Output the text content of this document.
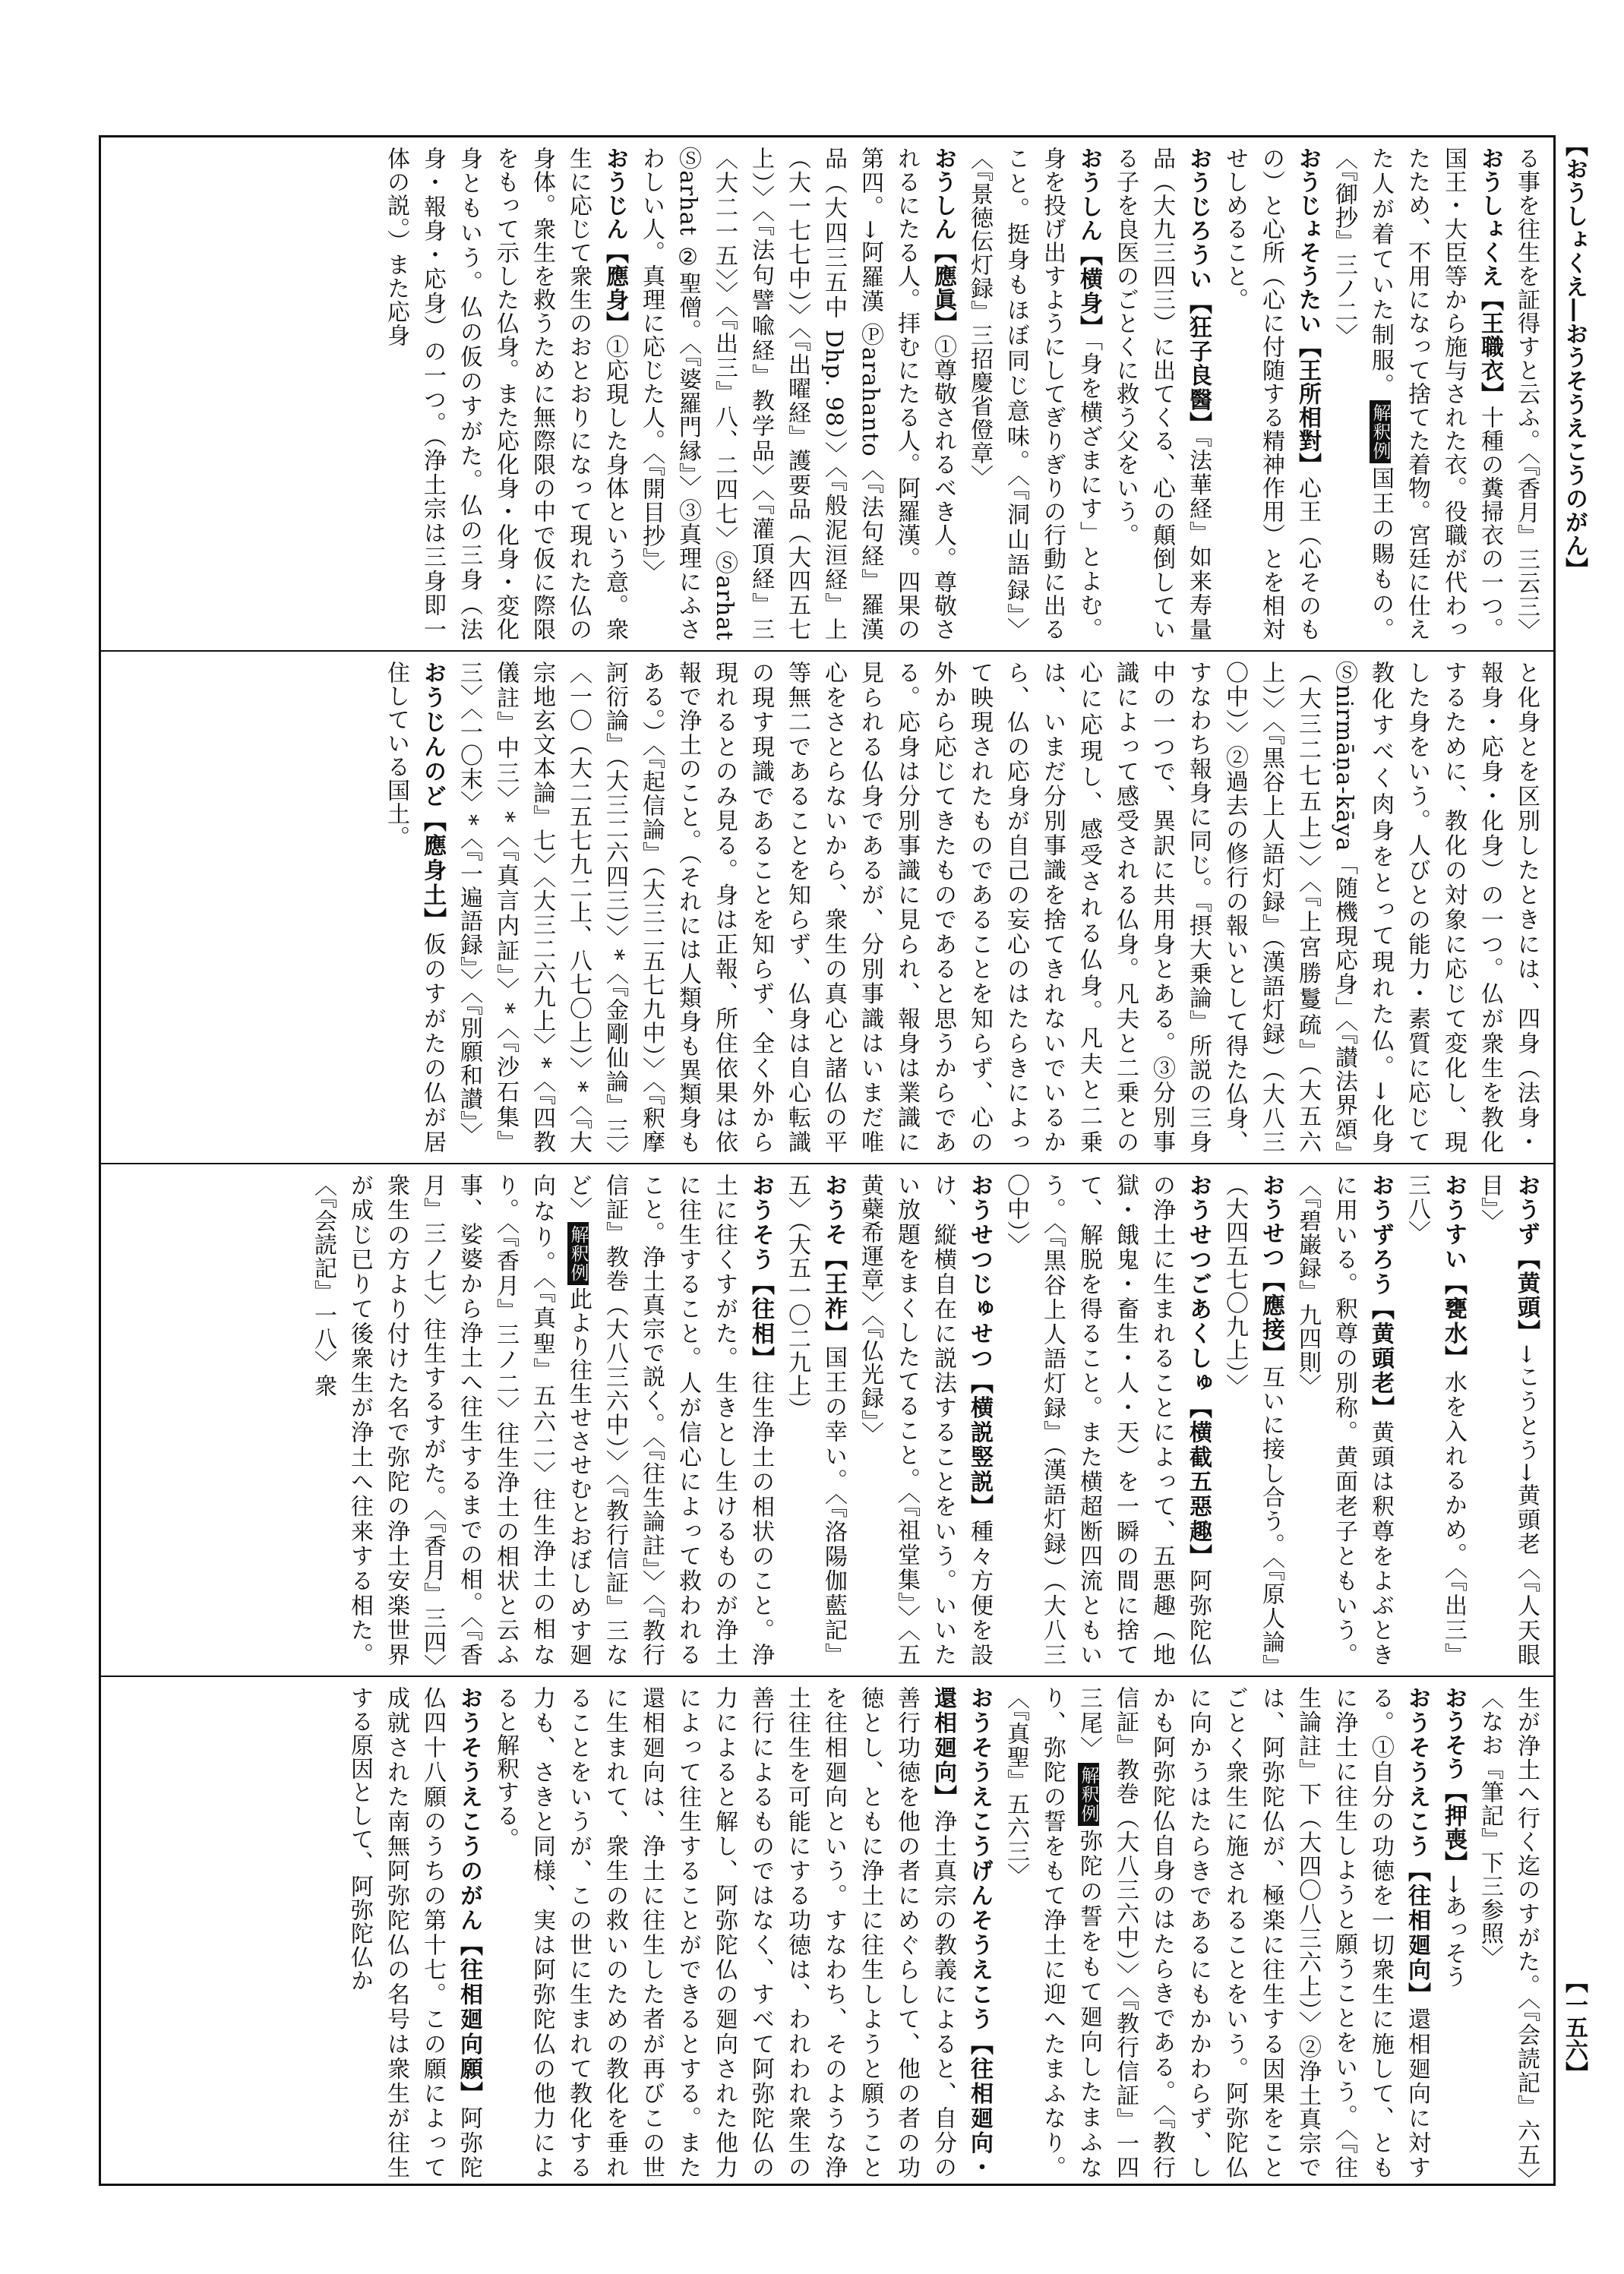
【おうしょくえ―おうそうえこうのがん】
【一五六】
る事を往生を証得すと云ふ。〈『香月』三云三〉
おうしょくえ【王職衣】十種の糞掃衣の一つ。国王・大臣等から施与された衣。役職が代わったため、不用になって捨てた着物。宮廷に仕えた人が着ていた制服。解釈例国王の賜もの。〈『御抄』三ノ二〉
おうじょそうたい【王所相對】心王（心そのもの）と心所（心に付随する精神作用）とを相対せしめること。
おうじろうい【狂子良醫】『法華経』如来寿量品（大九三四三）に出てくる、心の顛倒している子を良医のごとくに救う父をいう。
おうしん【横身】「身を横ざまにす」とよむ。身を投げ出すようにしてぎりぎりの行動に出ること。挺身もほぼ同じ意味。〈『洞山語録』〉〈『景徳伝灯録』三招慶省僜章〉
おうしん【應眞】①尊敬されるべき人。尊敬されるにたる人。拝むにたる人。阿羅漢。四果の第四。→阿羅漢 Ⓟarahanto〈『法句経』羅漢品（大四三五中 Dhp. 98）〉〈『般泥洹経』上（大一七七中）〉〈『出曜経』護要品（大四五七上）〉〈『法句譬喩経』教学品〉〈『灌頂経』三〈大二一五〉〉〈『出三』八、二四七〉Ⓢarhat Ⓢarhat ②聖僧。〈『婆羅門縁』〉③真理にふさわしい人。真理に応じた人。〈『開目抄』〉
おうじん【應身】①応現した身体という意。衆生に応じて衆生のおとおりになって現れた仏の身体。衆生を救うために無際限の中で仮に際限をもって示した仏身。また応化身・化身・変化身ともいう。仏の仮のすがた。仏の三身（法身・報身・応身）の一つ。（浄土宗は三身即一体の説。）また応身
と化身とを区別したときには、四身（法身・報身・応身・化身）の一つ。仏が衆生を教化するために、教化の対象に応じて変化し、現した身をいう。人びとの能力・素質に応じて教化すべく肉身をとって現れた仏。→化身Ⓢnirmāṇa-kāya「随機現応身」〈『讃法界頌』（大三二七五上）〉〈『上宮勝鬘疏』（大五六上）〉〈『黒谷上人語灯録』（漢語灯録）（大八三〇中）〉②過去の修行の報いとして得た仏身、すなわち報身に同じ。『摂大乗論』所説の三身中の一つで、異訳に共用身とある。③分別事識によって感受される仏身。凡夫と二乗との心に応現し、感受される仏身。凡夫と二乗は、いまだ分別事識を捨てきれないでいるから、仏の応身が自己の妄心のはたらきによって映現されたものであることを知らず、心の外から応じてきたものであると思うからである。応身は分別事識に見られ、報身は業識に見られる仏身であるが、分別事識はいまだ唯心をさとらないから、衆生の真心と諸仏の平等無二であることを知らず、仏身は自心転識の現す現識であることを知らず、全く外から現れるとのみ見る。身は正報、所住依果は依報で浄土のこと。（それには人類身も異類身もある。）〈『起信論』（大三二五七九中）〉〈『釈摩訶衍論』（大三二六四三）〉*〈『金剛仙論』三〉〈一〇（大二五七九二上、八七〇上）〉*〈『大宗地玄文本論』七〉〈大三二六九上〉*〈『四教儀註』中三〉*〈『真言内証』〉*〈『沙石集』三〉〈一〇末〉*〈『一遍語録』〉〈『別願和讃』〉
おうじんのど【應身土】仮のすがたの仏が居住している国土。
おうず【黄頭】→こうとう→黄頭老〈『人天眼目』〉
おうすい【甕水】水を入れるかめ。〈『出三』三八〉
おうずろう【黄頭老】黄頭は釈尊をよぶときに用いる。釈尊の別称。黄面老子ともいう。〈『碧巌録』九四則〉
おうせつ【應接】互いに接し合う。〈『原人論』（大四五七〇九上）〉
おうせつごあくしゅ【横截五惡趣】阿弥陀仏の浄土に生まれることによって、五悪趣（地獄・餓鬼・畜生・人・天）を一瞬の間に捨てて、解脱を得ること。また横超断四流ともいう。〈『黒谷上人語灯録』（漢語灯録）（大八三〇中）〉
おうせつじゅせつ【横説竪説】種々方便を設け、縦横自在に説法することをいう。いいたい放題をまくしたてること。〈『祖堂集』〉〈五黄蘗希運章〉〈『仏光録』〉
おうそ【王祚】国王の幸い。〈『洛陽伽藍記』五〉（大五一〇二九上）
おうそう【往相】往生浄土の相状のこと。浄土に往くすがた。生きとし生けるものが浄土に往生すること。人が信心によって救われること。浄土真宗で説く。〈『往生論註』〉〈『教行信証』教巻（大八三六中）〉〈『教行信証』三など〉解釈例此より往生せさせむとおぼしめす廻向なり。〈『真聖』五六二〉往生浄土の相なり。〈『香月』三ノ二〉往生浄土の相状と云ふ事、娑婆から浄土へ往生するまでの相。〈『香月』三ノ七〉往生するすがた。〈『香月』三四〉衆生の方より付けた名で弥陀の浄土安楽世界が成じ已りて後衆生が浄土へ往来する相た。〈『会読記』一八〉衆
生が浄土へ行く迄のすがた。〈『会読記』六五〉〈なお『筆記』下三参照〉
おうそう【押喪】→あっそう
おうそうえこう【往相廻向】還相廻向に対する。①自分の功徳を一切衆生に施して、ともに浄土に往生しようと願うことをいう。〈『往生論註』下（大四〇八三六上）〉②浄土真宗では、阿弥陀仏が、極楽に往生する因果をことごとく衆生に施されることをいう。阿弥陀仏に向かうはたらきであるにもかかわらず、しかも阿弥陀仏自身のはたらきである。〈『教行信証』教巻（大八三六中）〉〈『教行信証』一四三尾〉解釈例弥陀の誓をもて廻向したまふなり、弥陀の誓をもて浄土に迎へたまふなり。〈『真聖』五六三〉
おうそうえこうげんそうえこう【往相廻向・還相廻向】浄土真宗の教義によると、自分の善行功徳を他の者にめぐらして、他の者の功徳とし、ともに浄土に往生しようと願うことを往相廻向という。すなわち、そのような浄土往生を可能にする功徳は、われわれ衆生の善行によるものではなく、すべて阿弥陀仏の力によると解し、阿弥陀仏の廻向された他力によって往生することができるとする。また還相廻向は、浄土に往生した者が再びこの世に生まれて、衆生の救いのための教化を垂れることをいうが、この世に生まれて教化する力も、さきと同様、実は阿弥陀仏の他力によると解釈する。
おうそうえこうのがん【往相廻向願】阿弥陀仏四十八願のうちの第十七。この願によって成就された南無阿弥陀仏の名号は衆生が往生する原因として、阿弥陀仏か
